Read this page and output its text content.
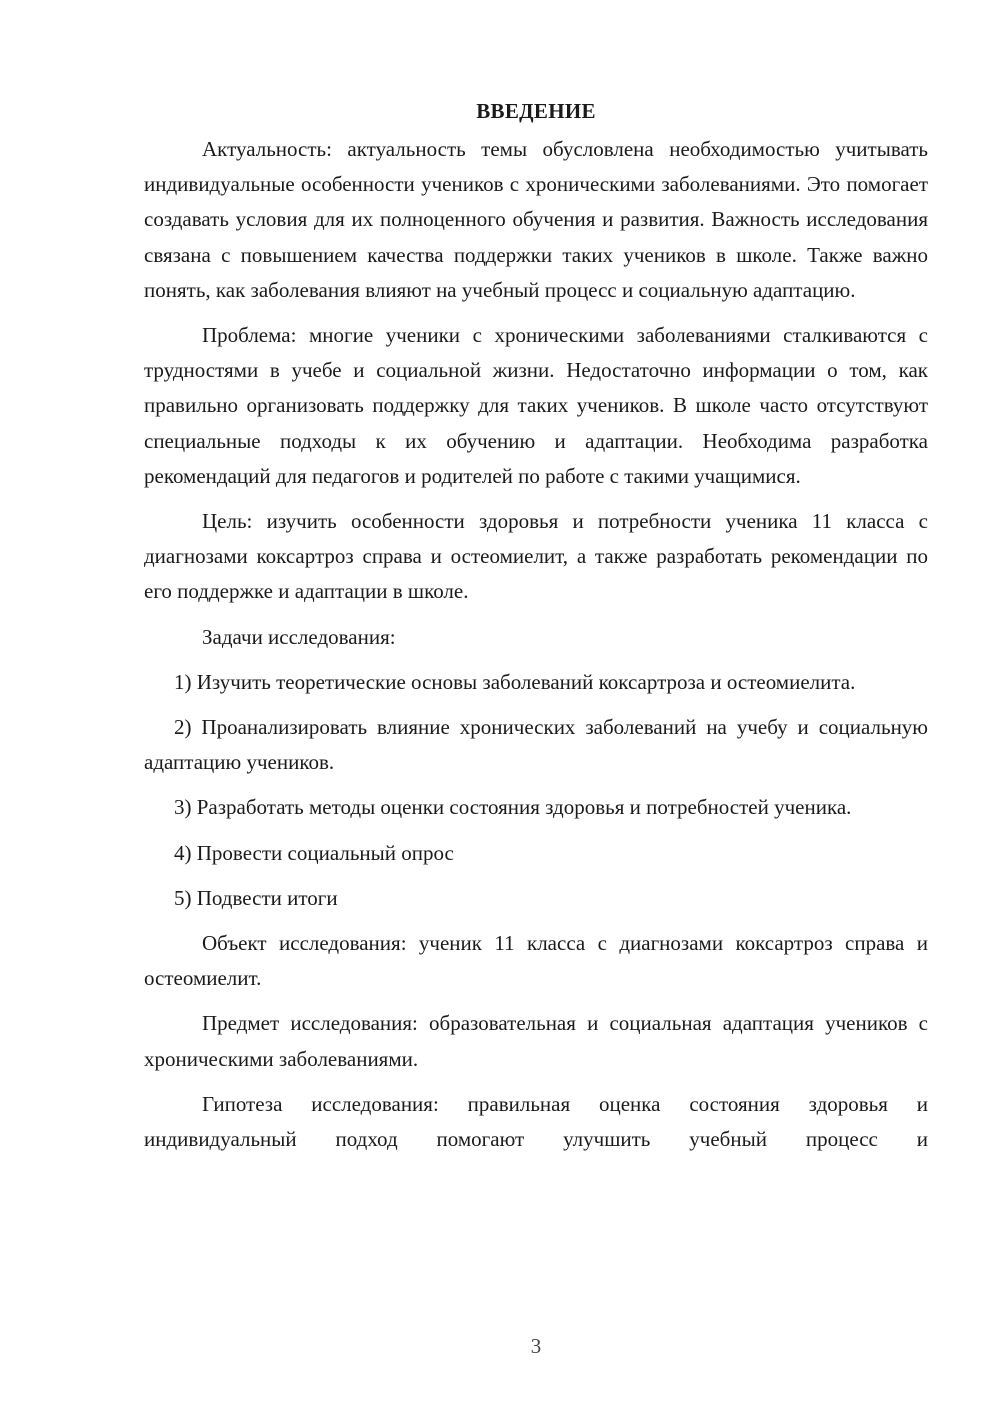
ВВЕДЕНИЕ

Актуальность: актуальность темы обусловлена необходимостью учитывать индивидуальные особенности учеников с хроническими заболеваниями. Это помогает создавать условия для их полноценного обучения и развития. Важность исследования связана с повышением качества поддержки таких учеников в школе. Также важно понять, как заболевания влияют на учебный процесс и социальную адаптацию.

Проблема: многие ученики с хроническими заболеваниями сталкиваются с трудностями в учебе и социальной жизни. Недостаточно информации о том, как правильно организовать поддержку для таких учеников. В школе часто отсутствуют специальные подходы к их обучению и адаптации. Необходима разработка рекомендаций для педагогов и родителей по работе с такими учащимися.

Цель: изучить особенности здоровья и потребности ученика 11 класса с диагнозами коксартроз справа и остеомиелит, а также разработать рекомендации по его поддержке и адаптации в школе.

Задачи исследования:

1) Изучить теоретические основы заболеваний коксартроза и остеомиелита.

2) Проанализировать влияние хронических заболеваний на учебу и социальную адаптацию учеников.

3) Разработать методы оценки состояния здоровья и потребностей ученика.

4) Провести социальный опрос

5) Подвести итоги

Объект исследования: ученик 11 класса с диагнозами коксартроз справа и остеомиелит.

Предмет исследования: образовательная и социальная адаптация учеников с хроническими заболеваниями.

Гипотеза исследования: правильная оценка состояния здоровья и индивидуальный подход помогают улучшить учебный процесс и

3
